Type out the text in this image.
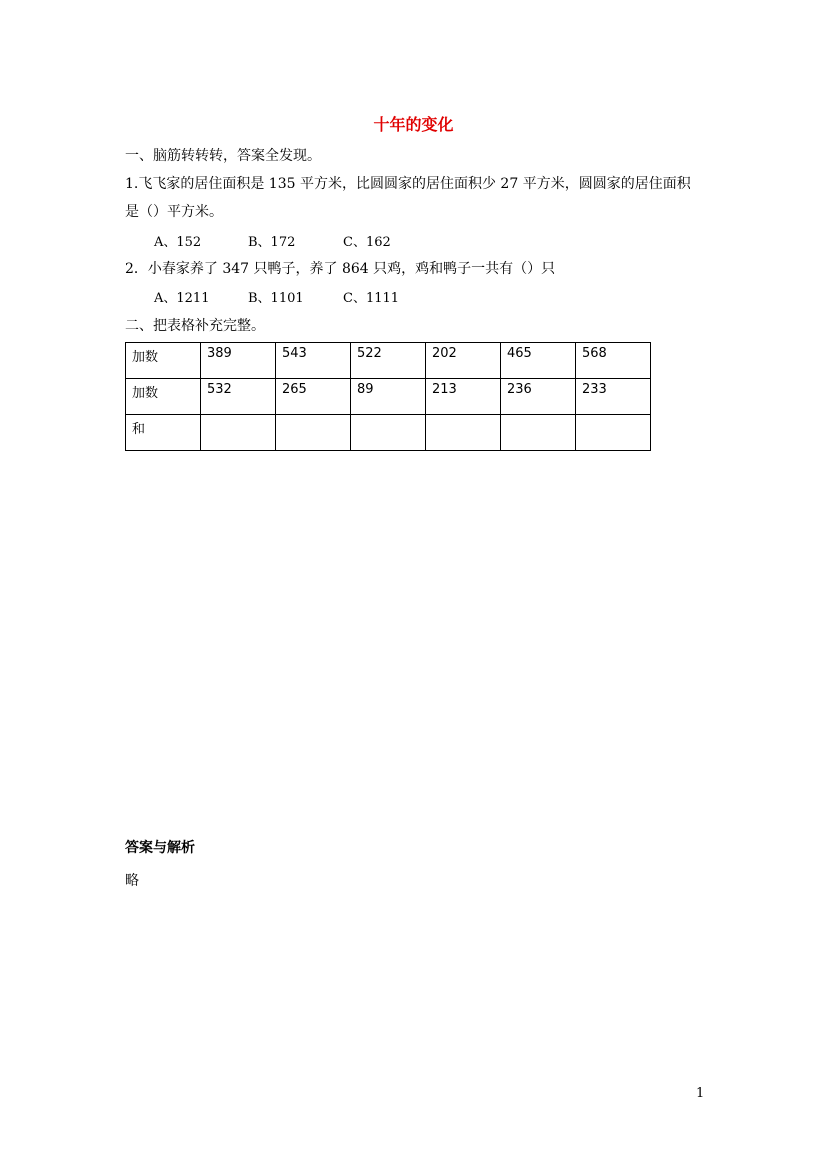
十年的变化
一、脑筋转转转，答案全发现。
1.飞飞家的居住面积是 135 平方米，比圆圆家的居住面积少 27 平方米，圆圆家的居住面积
是（）平方米。
A、152	B、172	C、162
2．小春家养了 347 只鸭子，养了 864 只鸡，鸡和鸭子一共有（）只
A、1211	B、1101	C、1111
二、把表格补充完整。
加数	389	543	522	202	465	568
加数	532	265	89	213	236	233
和						
答案与解析
略
1
